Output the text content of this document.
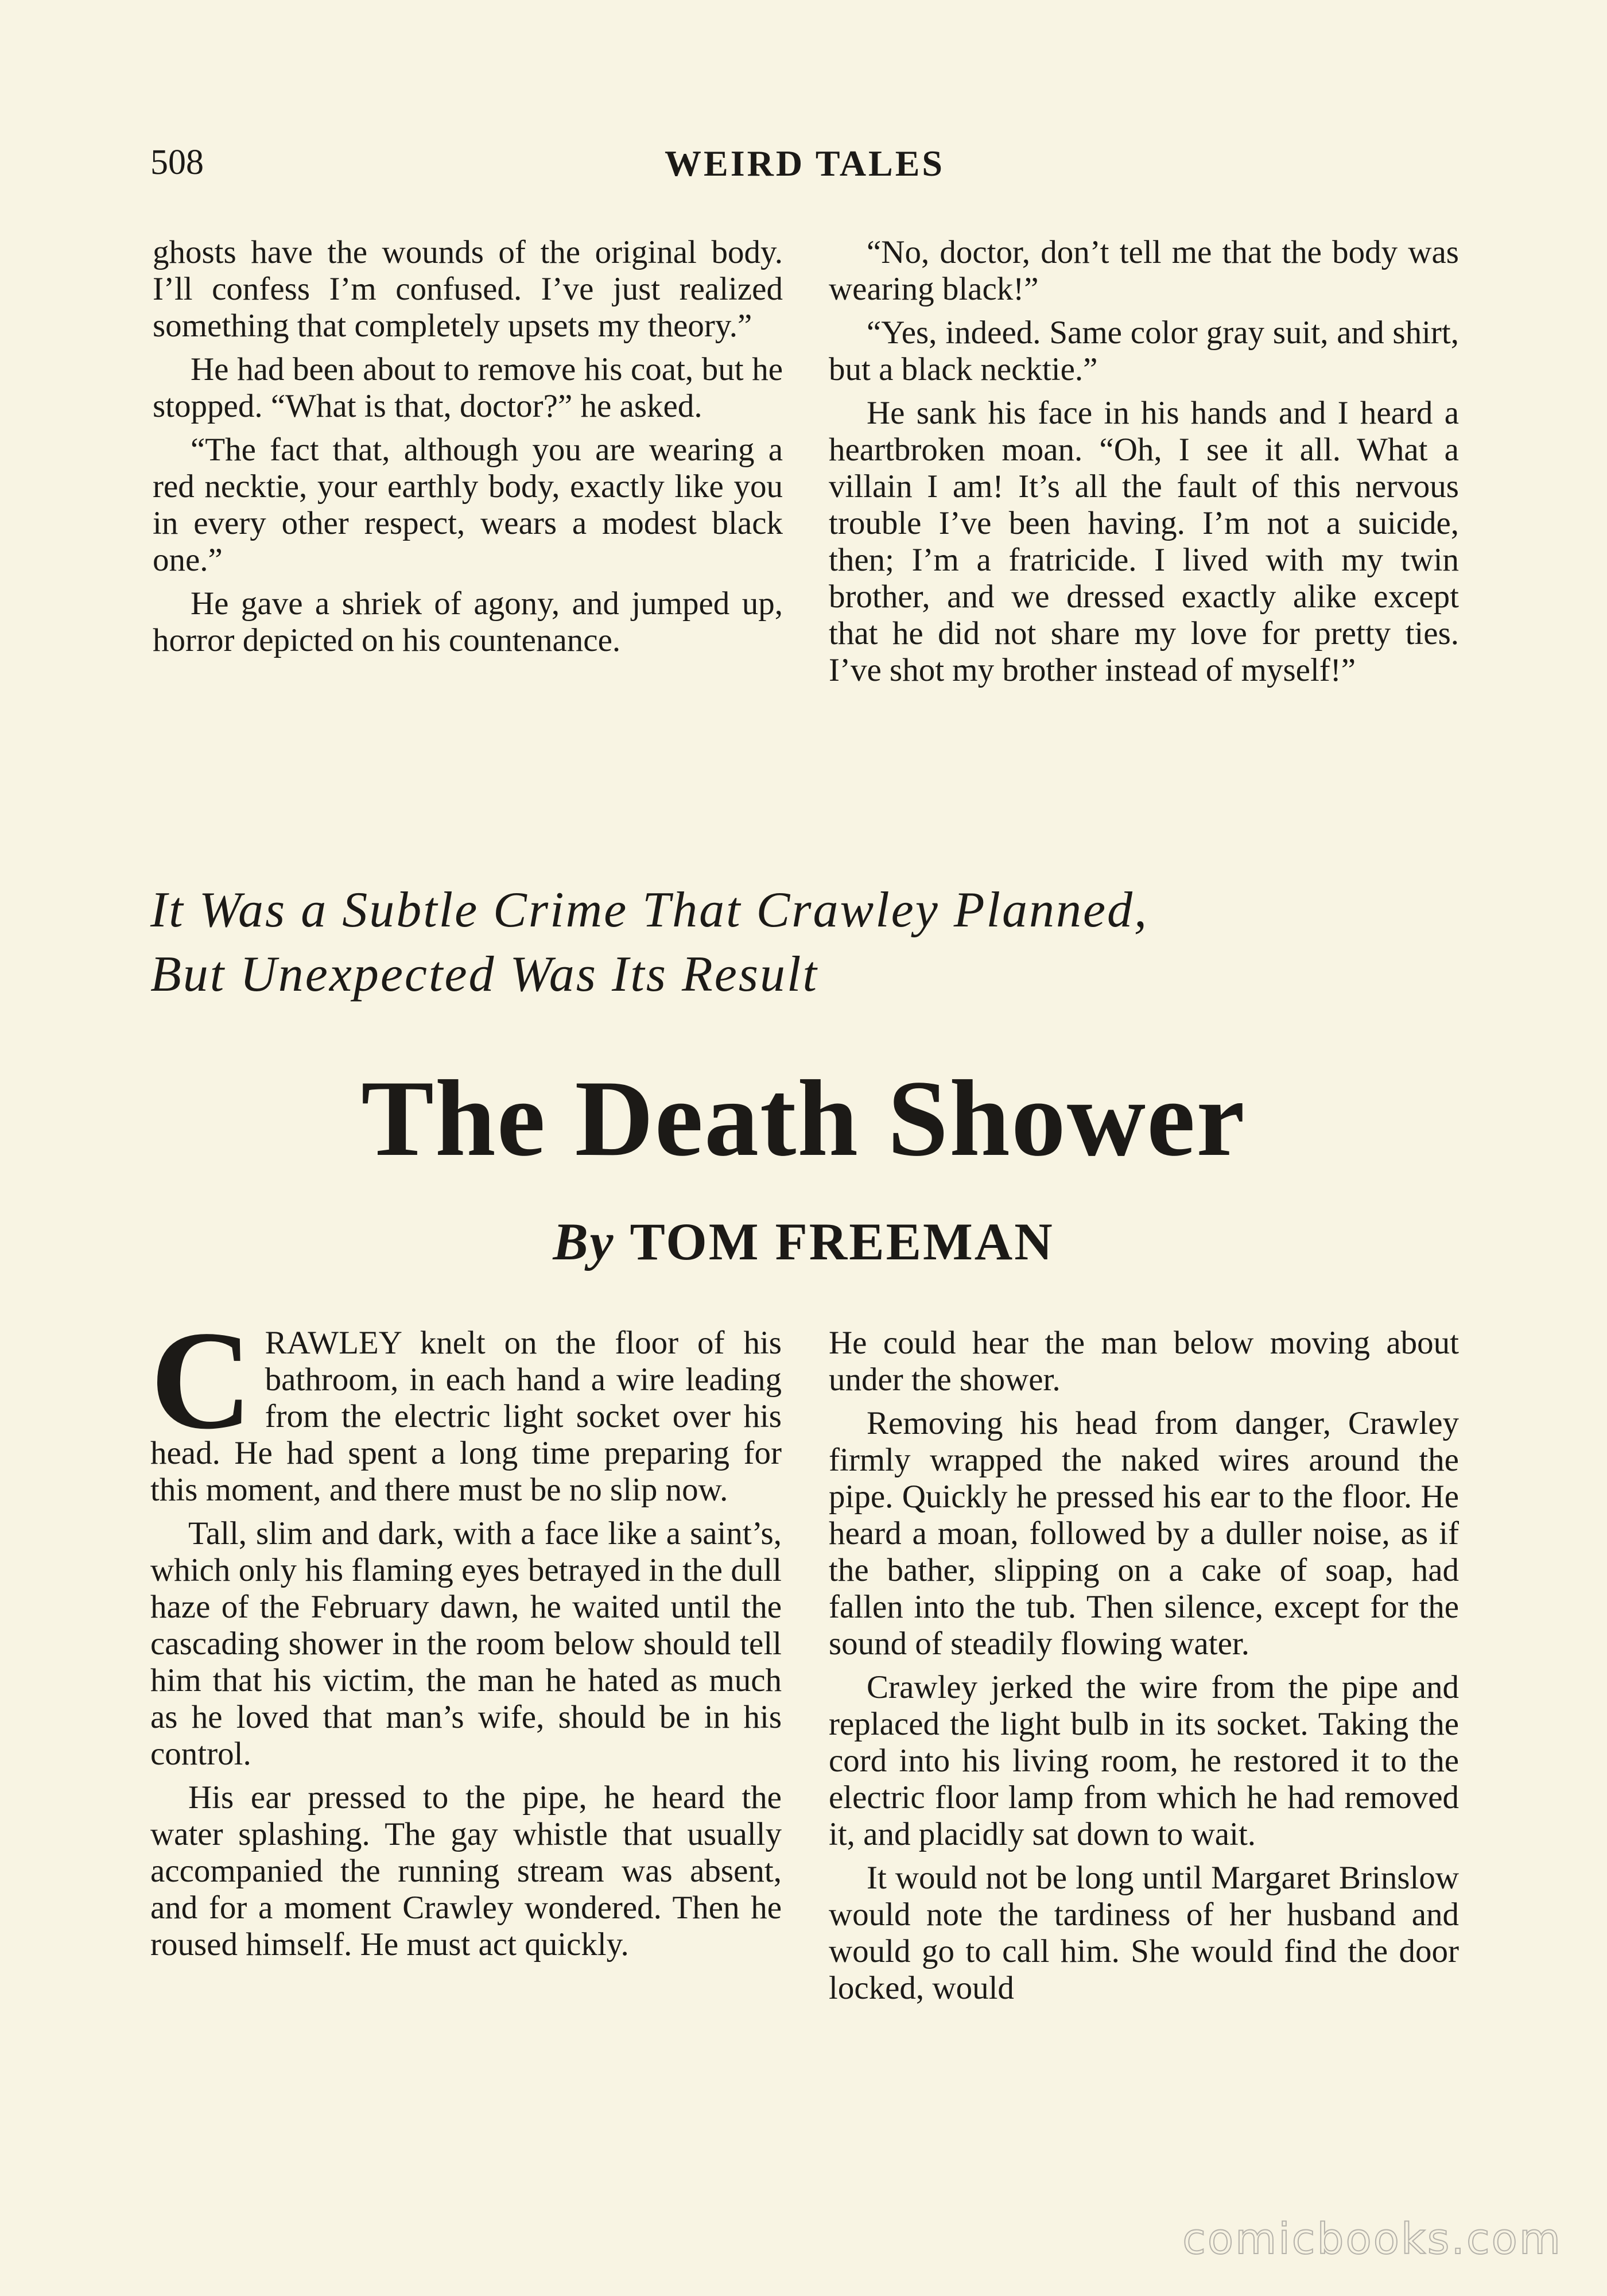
508	WEIRD TALES

ghosts have the wounds of the original body. I’ll confess I’m confused. I’ve just realized something that completely upsets my theory.”

He had been about to remove his coat, but he stopped. “What is that, doctor?” he asked.

“The fact that, although you are wearing a red necktie, your earthly body, exactly like you in every other respect, wears a modest black one.”

He gave a shriek of agony, and jumped up, horror depicted on his countenance.

“No, doctor, don’t tell me that the body was wearing black!”

“Yes, indeed. Same color gray suit, and shirt, but a black necktie.”

He sank his face in his hands and I heard a heartbroken moan. “Oh, I see it all. What a villain I am! It’s all the fault of this nervous trouble I’ve been having. I’m not a suicide, then; I’m a fratricide. I lived with my twin brother, and we dressed exactly alike except that he did not share my love for pretty ties. I’ve shot my brother instead of myself!”

It Was a Subtle Crime That Crawley Planned,
But Unexpected Was Its Result
The Death Shower
By TOM FREEMAN

CRAWLEY knelt on the floor of his bathroom, in each hand a wire leading from the electric light socket over his head. He had spent a long time preparing for this moment, and there must be no slip now.

Tall, slim and dark, with a face like a saint’s, which only his flaming eyes betrayed in the dull haze of the February dawn, he waited until the cascading shower in the room below should tell him that his victim, the man he hated as much as he loved that man’s wife, should be in his control.

His ear pressed to the pipe, he heard the water splashing. The gay whistle that usually accompanied the running stream was absent, and for a moment Crawley wondered. Then he roused himself. He must act quickly.

He could hear the man below moving about under the shower.

Removing his head from danger, Crawley firmly wrapped the naked wires around the pipe. Quickly he pressed his ear to the floor. He heard a moan, followed by a duller noise, as if the bather, slipping on a cake of soap, had fallen into the tub. Then silence, except for the sound of steadily flowing water.

Crawley jerked the wire from the pipe and replaced the light bulb in its socket. Taking the cord into his living room, he restored it to the electric floor lamp from which he had removed it, and placidly sat down to wait.

It would not be long until Margaret Brinslow would note the tardiness of her husband and would go to call him. She would find the door locked, would

comicbooks.com
